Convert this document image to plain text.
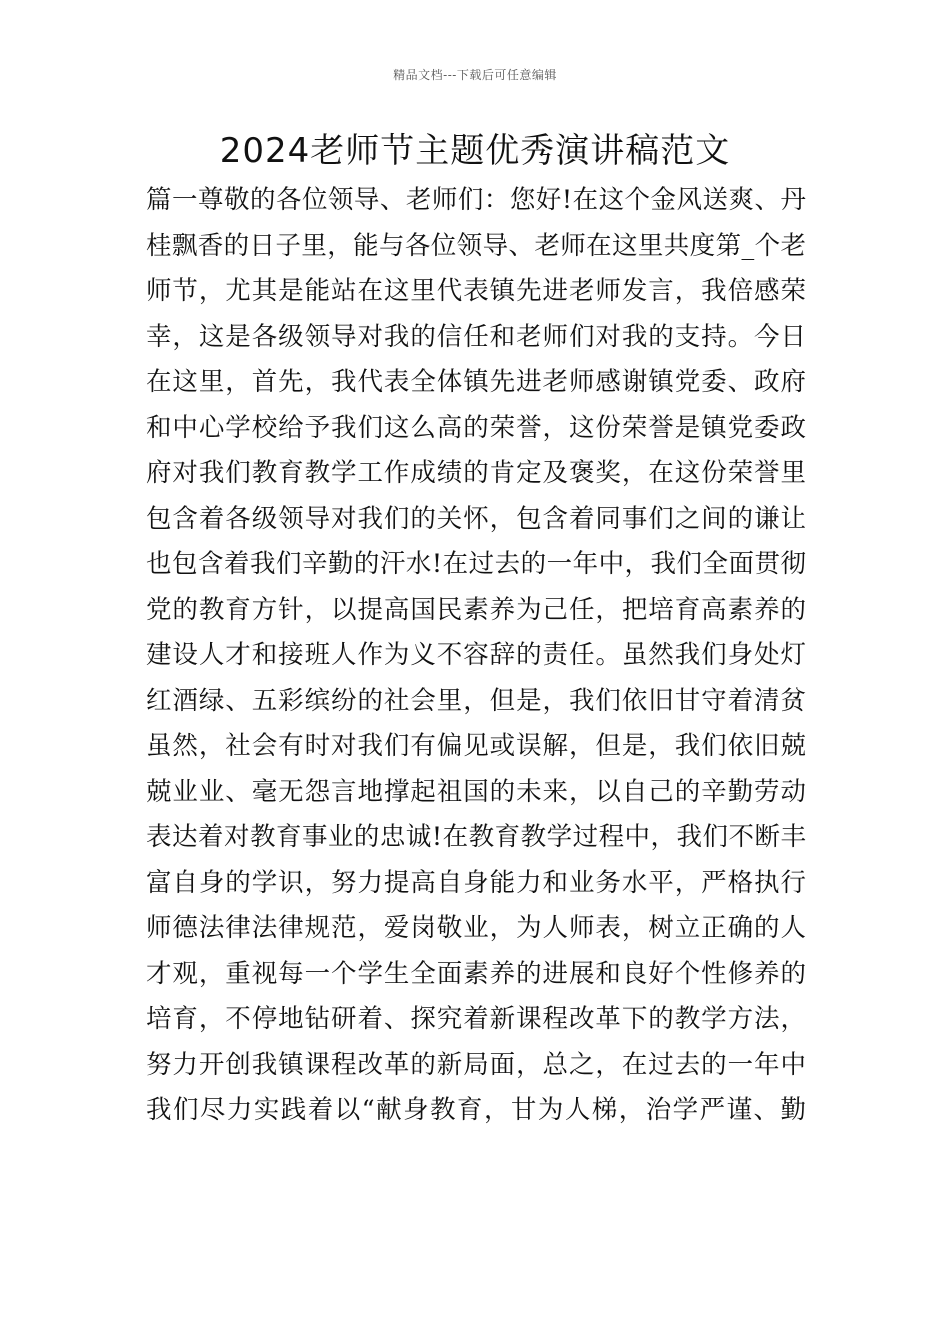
精品文档---下载后可任意编辑
2024老师节主题优秀演讲稿范文
篇一尊敬的各位领导、老师们：您好!在这个金风送爽、丹
桂飘香的日子里，能与各位领导、老师在这里共度第_个老
师节，尤其是能站在这里代表镇先进老师发言，我倍感荣
幸，这是各级领导对我的信任和老师们对我的支持。今日
在这里，首先，我代表全体镇先进老师感谢镇党委、政府
和中心学校给予我们这么高的荣誉，这份荣誉是镇党委政
府对我们教育教学工作成绩的肯定及褒奖，在这份荣誉里
包含着各级领导对我们的关怀，包含着同事们之间的谦让
也包含着我们辛勤的汗水!在过去的一年中，我们全面贯彻
党的教育方针，以提高国民素养为己任，把培育高素养的
建设人才和接班人作为义不容辞的责任。虽然我们身处灯
红酒绿、五彩缤纷的社会里，但是，我们依旧甘守着清贫
虽然，社会有时对我们有偏见或误解，但是，我们依旧兢
兢业业、毫无怨言地撑起祖国的未来，以自己的辛勤劳动
表达着对教育事业的忠诚!在教育教学过程中，我们不断丰
富自身的学识，努力提高自身能力和业务水平，严格执行
师德法律法律规范，爱岗敬业，为人师表，树立正确的人
才观，重视每一个学生全面素养的进展和良好个性修养的
培育，不停地钻研着、探究着新课程改革下的教学方法，
努力开创我镇课程改革的新局面，总之，在过去的一年中
我们尽力实践着以“献身教育，甘为人梯，治学严谨、勤
